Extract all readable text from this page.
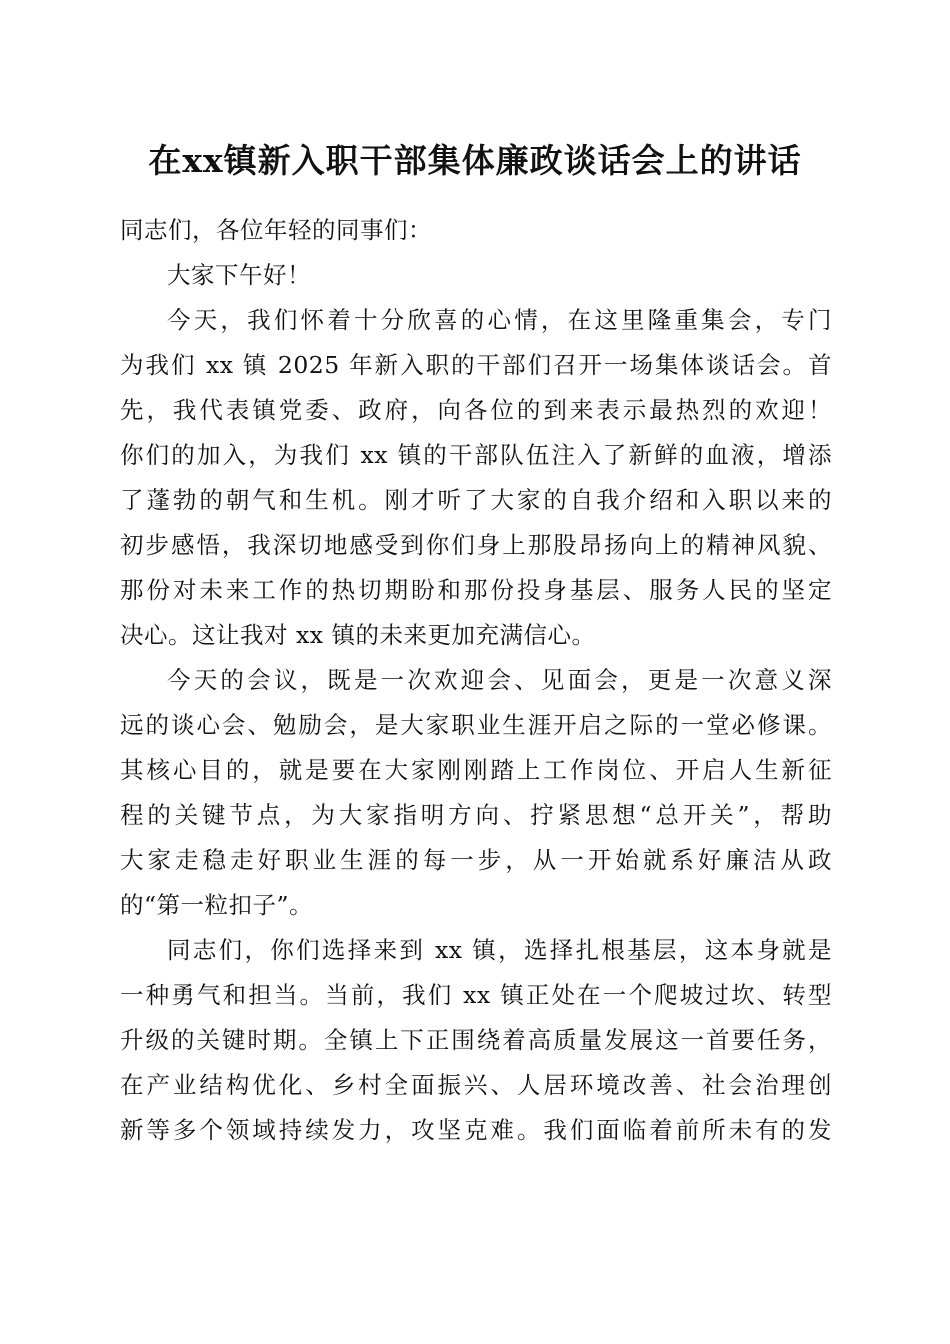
在xx镇新入职干部集体廉政谈话会上的讲话
同志们，各位年轻的同事们：
大家下午好！
今天，我们怀着十分欣喜的心情，在这里隆重集会，专门
为我们 xx 镇 2025 年新入职的干部们召开一场集体谈话会。首
先，我代表镇党委、政府，向各位的到来表示最热烈的欢迎！
你们的加入，为我们 xx 镇的干部队伍注入了新鲜的血液，增添
了蓬勃的朝气和生机。刚才听了大家的自我介绍和入职以来的
初步感悟，我深切地感受到你们身上那股昂扬向上的精神风貌、
那份对未来工作的热切期盼和那份投身基层、服务人民的坚定
决心。这让我对 xx 镇的未来更加充满信心。
今天的会议，既是一次欢迎会、见面会，更是一次意义深
远的谈心会、勉励会，是大家职业生涯开启之际的一堂必修课。
其核心目的，就是要在大家刚刚踏上工作岗位、开启人生新征
程的关键节点，为大家指明方向、拧紧思想“总开关”，帮助
大家走稳走好职业生涯的每一步，从一开始就系好廉洁从政
的“第一粒扣子”。
同志们，你们选择来到 xx 镇，选择扎根基层，这本身就是
一种勇气和担当。当前，我们 xx 镇正处在一个爬坡过坎、转型
升级的关键时期。全镇上下正围绕着高质量发展这一首要任务，
在产业结构优化、乡村全面振兴、人居环境改善、社会治理创
新等多个领域持续发力，攻坚克难。我们面临着前所未有的发
